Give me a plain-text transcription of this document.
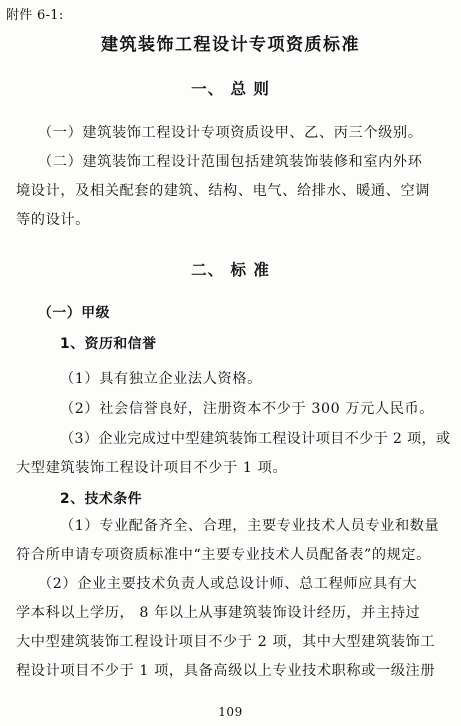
附件 6-1:
建筑装饰工程设计专项资质标准
一、 总 则
（一）建筑装饰工程设计专项资质设甲、乙、丙三个级别。
（二）建筑装饰工程设计范围包括建筑装饰装修和室内外环
境设计，及相关配套的建筑、结构、电气、给排水、暖通、空调
等的设计。
二、 标 准
（一）甲级
1、资历和信誉
（1）具有独立企业法人资格。
（2）社会信誉良好，注册资本不少于 300 万元人民币。
（3）企业完成过中型建筑装饰工程设计项目不少于 2 项，或
大型建筑装饰工程设计项目不少于 1 项。
2、技术条件
（1）专业配备齐全、合理，主要专业技术人员专业和数量
符合所申请专项资质标准中“主要专业技术人员配备表”的规定。
（2）企业主要技术负责人或总设计师、总工程师应具有大
学本科以上学历， 8 年以上从事建筑装饰设计经历，并主持过
大中型建筑装饰工程设计项目不少于 2 项，其中大型建筑装饰工
程设计项目不少于 1 项，具备高级以上专业技术职称或一级注册
109
